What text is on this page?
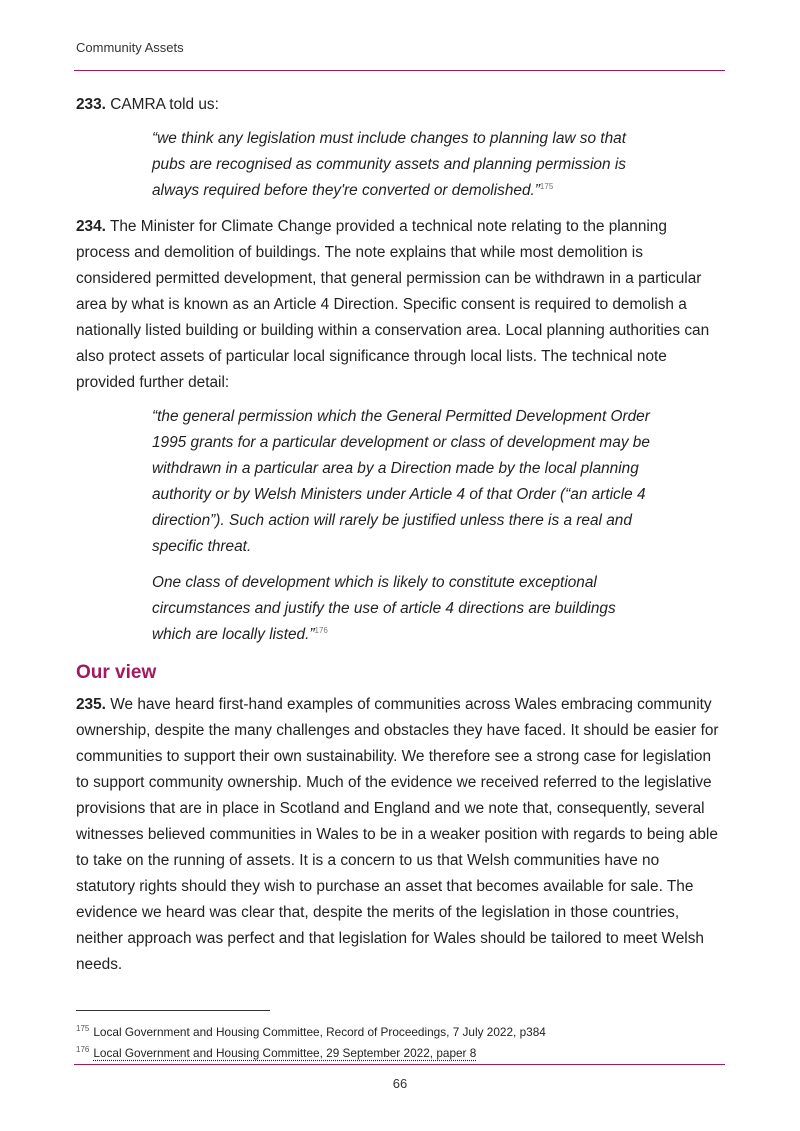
Community Assets

233. CAMRA told us:

“we think any legislation must include changes to planning law so that pubs are recognised as community assets and planning permission is always required before they're converted or demolished.”$^{175}$

234. The Minister for Climate Change provided a technical note relating to the planning process and demolition of buildings. The note explains that while most demolition is considered permitted development, that general permission can be withdrawn in a particular area by what is known as an Article 4 Direction. Specific consent is required to demolish a nationally listed building or building within a conservation area. Local planning authorities can also protect assets of particular local significance through local lists. The technical note provided further detail:

“the general permission which the General Permitted Development Order 1995 grants for a particular development or class of development may be withdrawn in a particular area by a Direction made by the local planning authority or by Welsh Ministers under Article 4 of that Order (“an article 4 direction”). Such action will rarely be justified unless there is a real and specific threat.

One class of development which is likely to constitute exceptional circumstances and justify the use of article 4 directions are buildings which are locally listed.”$^{176}$

Our view

235. We have heard first-hand examples of communities across Wales embracing community ownership, despite the many challenges and obstacles they have faced. It should be easier for communities to support their own sustainability. We therefore see a strong case for legislation to support community ownership. Much of the evidence we received referred to the legislative provisions that are in place in Scotland and England and we note that, consequently, several witnesses believed communities in Wales to be in a weaker position with regards to being able to take on the running of assets. It is a concern to us that Welsh communities have no statutory rights should they wish to purchase an asset that becomes available for sale. The evidence we heard was clear that, despite the merits of the legislation in those countries, neither approach was perfect and that legislation for Wales should be tailored to meet Welsh needs.

$^{175}$ Local Government and Housing Committee, Record of Proceedings, 7 July 2022, p384
$^{176}$ Local Government and Housing Committee, 29 September 2022, paper 8
66
